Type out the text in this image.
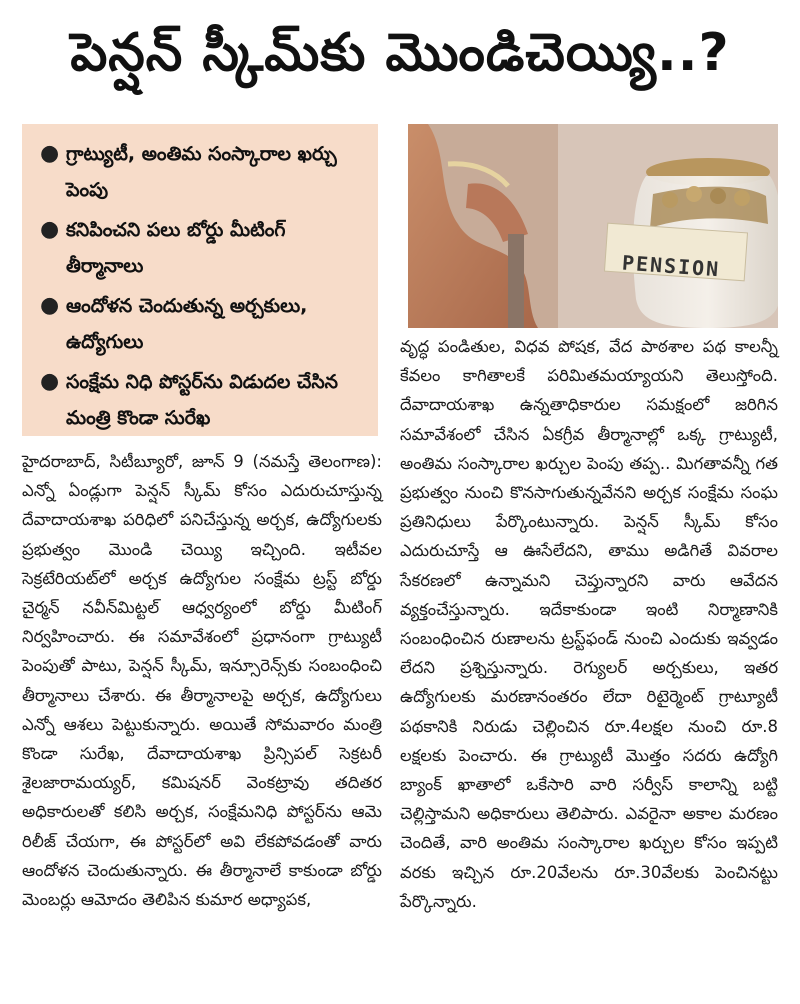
పెన్షన్ స్కీమ్‌కు మొండిచెయ్యి..?
● గ్రాట్యుటీ, అంతిమ సంస్కారాల ఖర్చు పెంపు
● కనిపించని పలు బోర్డు మీటింగ్ తీర్మానాలు
● ఆందోళన చెందుతున్న అర్చకులు, ఉద్యోగులు
● సంక్షేమ నిధి పోస్టర్‌ను విడుదల చేసిన మంత్రి కొండా సురేఖ
PENSION

హైదరాబాద్, సిటీబ్యూరో, జూన్ 9 (నమస్తే తెలంగాణ): ఎన్నో ఏండ్లుగా పెన్షన్ స్కీమ్ కోసం ఎదురుచూస్తున్న దేవాదాయశాఖ పరిధిలో పనిచేస్తున్న అర్చక, ఉద్యోగులకు ప్రభుత్వం మొండి చెయ్యి ఇచ్చింది. ఇటీవల సెక్రటేరియట్‌లో అర్చక ఉద్యోగుల సంక్షేమ ట్రస్ట్ బోర్డు చైర్మన్ నవీన్‌మిట్టల్ ఆధ్వర్యంలో బోర్డు మీటింగ్ నిర్వహించారు. ఈ సమావేశంలో ప్రధానంగా గ్రాట్యుటీ పెంపుతో పాటు, పెన్షన్ స్కీమ్, ఇన్సూరెన్స్‌కు సంబంధించి తీర్మానాలు చేశారు. ఈ తీర్మానాలపై అర్చక, ఉద్యోగులు ఎన్నో ఆశలు పెట్టుకున్నారు. అయితే సోమవారం మంత్రి కొండా సురేఖ, దేవాదాయశాఖ ప్రిన్సిపల్ సెక్రటరీ శైలజారామయ్యర్, కమిషనర్ వెంకట్రావు తదితర అధికారులతో కలిసి అర్చక, సంక్షేమనిధి పోస్టర్‌ను ఆమె రిలీజ్ చేయగా, ఈ పోస్టర్‌లో అవి లేకపోవడంతో వారు ఆందోళన చెందుతున్నారు. ఈ తీర్మానాలే కాకుండా బోర్డు మెంబర్లు ఆమోదం తెలిపిన కుమార అధ్యాపక,

వృద్ధ పండితుల, విధవ పోషక, వేద పాఠశాల పథ కాలన్నీ కేవలం కాగితాలకే పరిమితమయ్యాయని తెలుస్తోంది. దేవాదాయశాఖ ఉన్నతాధికారుల సమక్షంలో జరిగిన సమావేశంలో చేసిన ఏకగ్రీవ తీర్మానాల్లో ఒక్క గ్రాట్యుటీ, అంతిమ సంస్కారాల ఖర్చుల పెంపు తప్ప.. మిగతావన్నీ గత ప్రభుత్వం నుంచి కొనసాగుతున్నవేనని అర్చక సంక్షేమ సంఘ ప్రతినిధులు పేర్కొంటున్నారు. పెన్షన్ స్కీమ్ కోసం ఎదురుచూస్తే ఆ ఊసేలేదని, తాము అడిగితే వివరాల సేకరణలో ఉన్నామని చెప్తున్నారని వారు ఆవేదన వ్యక్తంచేస్తున్నారు. ఇదేకాకుండా ఇంటి నిర్మాణానికి సంబంధించిన రుణాలను ట్రస్ట్‌ఫండ్ నుంచి ఎందుకు ఇవ్వడం లేదని ప్రశ్నిస్తున్నారు. రెగ్యులర్ అర్చకులు, ఇతర ఉద్యోగులకు మరణానంతరం లేదా రిటైర్మెంట్ గ్రాట్యూటీ పథకానికి నిరుడు చెల్లించిన రూ.4లక్షల నుంచి రూ.8 లక్షలకు పెంచారు. ఈ గ్రాట్యుటీ మొత్తం సదరు ఉద్యోగి బ్యాంక్ ఖాతాలో ఒకేసారి వారి సర్వీస్ కాలాన్ని బట్టి చెల్లిస్తామని అధికారులు తెలిపారు. ఎవరైనా అకాల మరణం చెందితే, వారి అంతిమ సంస్కారాల ఖర్చుల కోసం ఇప్పటి వరకు ఇచ్చిన రూ.20వేలను రూ.30వేలకు పెంచినట్టు పేర్కొన్నారు.
